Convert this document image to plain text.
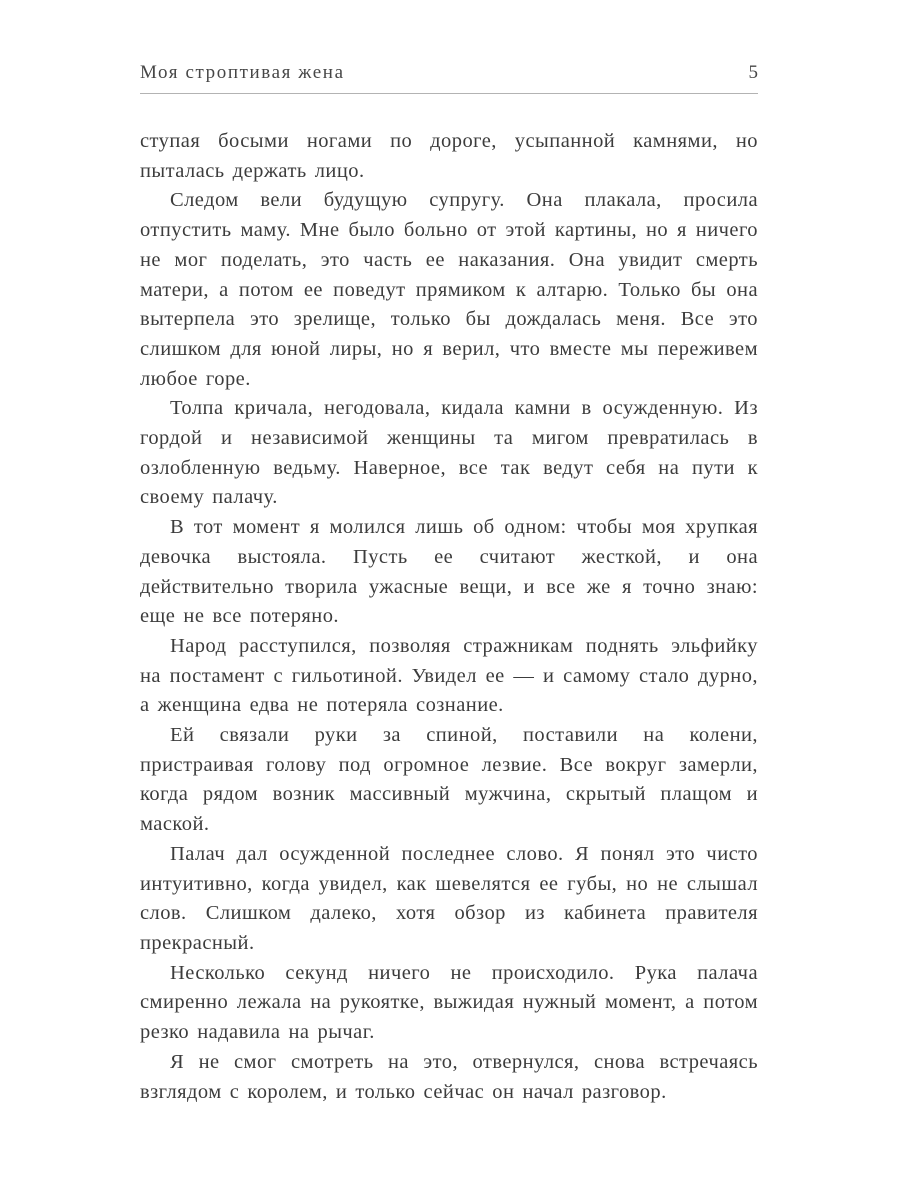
Моя строптивая жена	5

ступая босыми ногами по дороге, усыпанной камнями, но пыталась держать лицо.

Следом вели будущую супругу. Она плакала, просила отпустить маму. Мне было больно от этой картины, но я ничего не мог поделать, это часть ее наказания. Она увидит смерть матери, а потом ее поведут прямиком к алтарю. Только бы она вытерпела это зрелище, только бы дождалась меня. Все это слишком для юной лиры, но я верил, что вместе мы переживем любое горе.

Толпа кричала, негодовала, кидала камни в осужденную. Из гордой и независимой женщины та мигом превратилась в озлобленную ведьму. Наверное, все так ведут себя на пути к своему палачу.

В тот момент я молился лишь об одном: чтобы моя хрупкая девочка выстояла. Пусть ее считают жесткой, и она действительно творила ужасные вещи, и все же я точно знаю: еще не все потеряно.

Народ расступился, позволяя стражникам поднять эльфийку на постамент с гильотиной. Увидел ее — и самому стало дурно, а женщина едва не потеряла сознание.

Ей связали руки за спиной, поставили на колени, пристраивая голову под огромное лезвие. Все вокруг замерли, когда рядом возник массивный мужчина, скрытый плащом и маской.

Палач дал осужденной последнее слово. Я понял это чисто интуитивно, когда увидел, как шевелятся ее губы, но не слышал слов. Слишком далеко, хотя обзор из кабинета правителя прекрасный.

Несколько секунд ничего не происходило. Рука палача смиренно лежала на рукоятке, выжидая нужный момент, а потом резко надавила на рычаг.

Я не смог смотреть на это, отвернулся, снова встречаясь взглядом с королем, и только сейчас он начал разговор.
